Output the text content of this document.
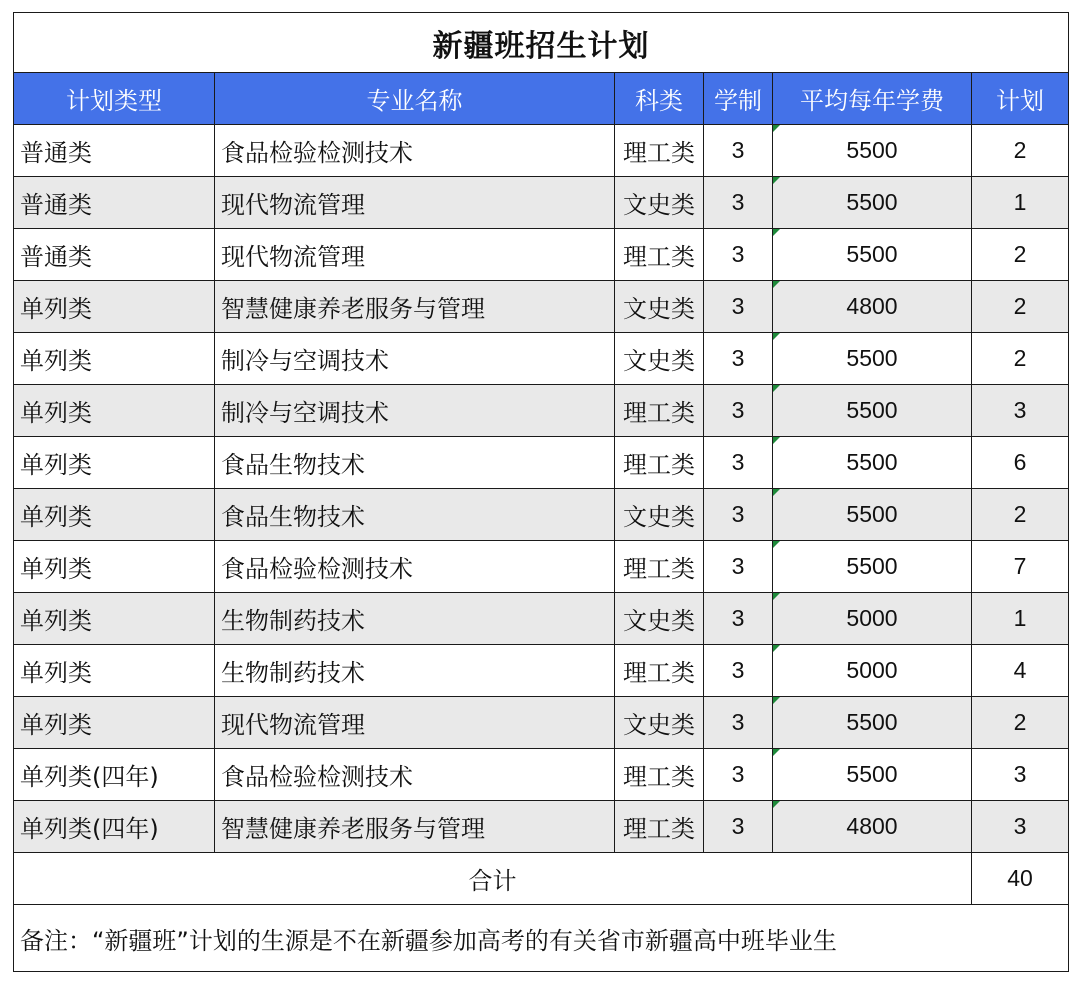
新疆班招生计划					
计划类型	专业名称	科类	学制	平均每年学费	计划
普通类	食品检验检测技术	理工类	3	5500	2
普通类	现代物流管理	文史类	3	5500	1
普通类	现代物流管理	理工类	3	5500	2
单列类	智慧健康养老服务与管理	文史类	3	4800	2
单列类	制冷与空调技术	文史类	3	5500	2
单列类	制冷与空调技术	理工类	3	5500	3
单列类	食品生物技术	理工类	3	5500	6
单列类	食品生物技术	文史类	3	5500	2
单列类	食品检验检测技术	理工类	3	5500	7
单列类	生物制药技术	文史类	3	5000	1
单列类	生物制药技术	理工类	3	5000	4
单列类	现代物流管理	文史类	3	5500	2
单列类(四年)	食品检验检测技术	理工类	3	5500	3
单列类(四年)	智慧健康养老服务与管理	理工类	3	4800	3
合计					40
备注：“新疆班”计划的生源是不在新疆参加高考的有关省市新疆高中班毕业生					
